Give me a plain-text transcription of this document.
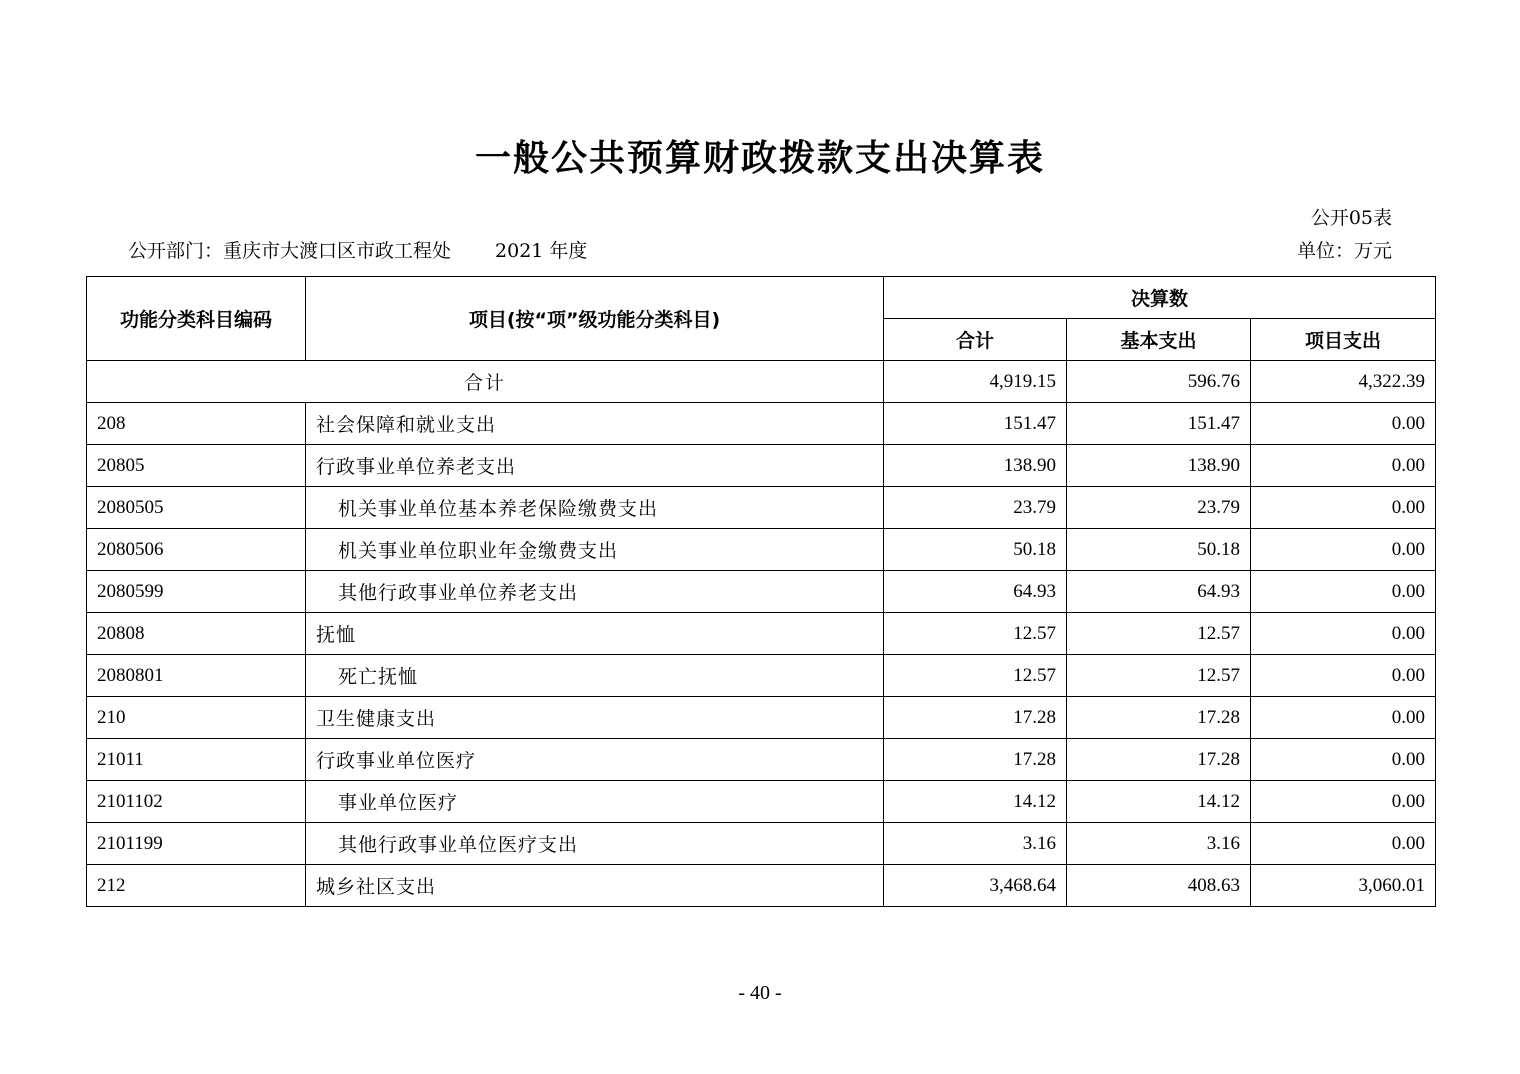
一般公共预算财政拨款支出决算表
公开05表
公开部门：重庆市大渡口区市政工程处 2021 年度	单位：万元
功能分类科目编码	项目(按“项”级功能分类科目)	决算数		
		合计	基本支出	项目支出
合计		4,919.15	596.76	4,322.39
208	社会保障和就业支出	151.47	151.47	0.00
20805	行政事业单位养老支出	138.90	138.90	0.00
2080505	机关事业单位基本养老保险缴费支出	23.79	23.79	0.00
2080506	机关事业单位职业年金缴费支出	50.18	50.18	0.00
2080599	其他行政事业单位养老支出	64.93	64.93	0.00
20808	抚恤	12.57	12.57	0.00
2080801	死亡抚恤	12.57	12.57	0.00
210	卫生健康支出	17.28	17.28	0.00
21011	行政事业单位医疗	17.28	17.28	0.00
2101102	事业单位医疗	14.12	14.12	0.00
2101199	其他行政事业单位医疗支出	3.16	3.16	0.00
212	城乡社区支出	3,468.64	408.63	3,060.01
- 40 -
